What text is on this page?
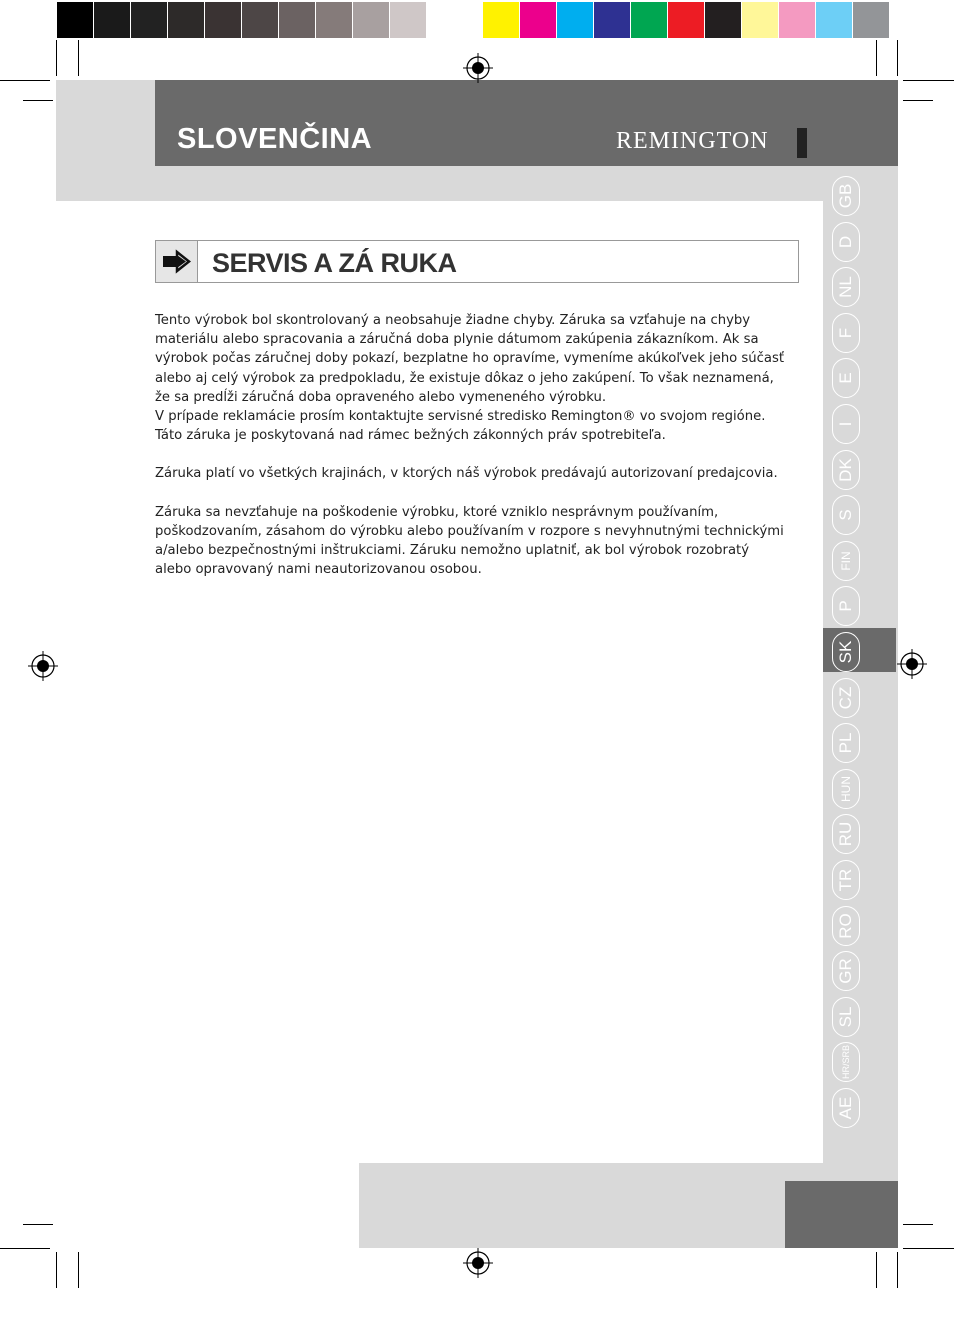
SLOVENČINA	REMINGTON
SERVIS A ZÁ RUKA

Tento výrobok bol skontrolovaný a neobsahuje žiadne chyby. Záruka sa vzťahuje na chyby
materiálu alebo spracovania a záručná doba plynie dátumom zakúpenia zákazníkom. Ak sa
výrobok počas záručnej doby pokazí, bezplatne ho opravíme, vymeníme akúkoľvek jeho súčasť
alebo aj celý výrobok za predpokladu, že existuje dôkaz o jeho zakúpení. To však neznamená,
že sa predĺži záručná doba opraveného alebo vymeneného výrobku.
V prípade reklamácie prosím kontaktujte servisné stredisko Remington® vo svojom regióne.
Táto záruka je poskytovaná nad rámec bežných zákonných práv spotrebiteľa.

Záruka platí vo všetkých krajinách, v ktorých náš výrobok predávajú autorizovaní predajcovia.

Záruka sa nevzťahuje na poškodenie výrobku, ktoré vzniklo nesprávnym používaním,
poškodzovaním, zásahom do výrobku alebo používaním v rozpore s nevyhnutnými technickými
a/alebo bezpečnostnými inštrukciami. Záruku nemožno uplatniť, ak bol výrobok rozobratý
alebo opravovaný nami neautorizovanou osobou.

GB
D
NL
F
E
I
DK
S
FIN
P
SK
CZ
PL
HUN
RU
TR
RO
GR
SL
HR/SRB
AE
